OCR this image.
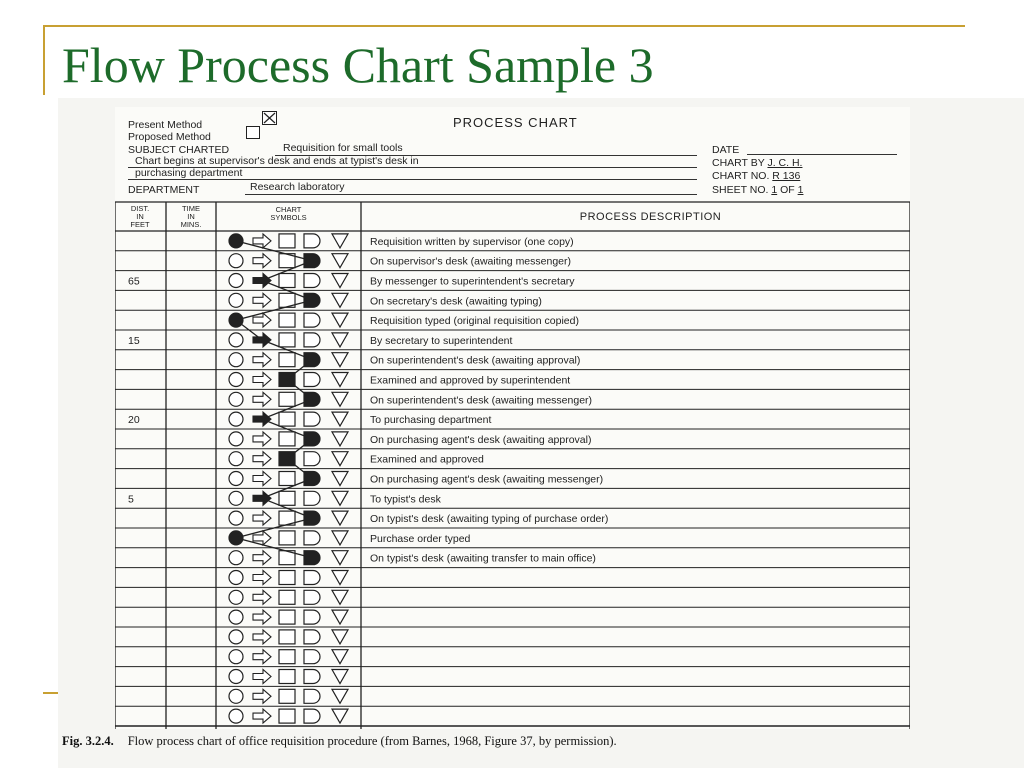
Flow Process Chart Sample 3
Present Method
Proposed Method
PROCESS CHART
SUBJECT CHARTED	Requisition for small tools
Chart begins at supervisor's desk and ends at typist's desk in
purchasing department
DEPARTMENT	Research laboratory
DATE
CHART BY J. C. H.
CHART NO. R 136
SHEET NO. 1 OF 1
DIST.
IN
FEET
TIME
IN
MINS.
CHART
SYMBOLS	PROCESS DESCRIPTION
Requisition written by supervisor (one copy)
On supervisor's desk (awaiting messenger)
65	By messenger to superintendent's secretary
On secretary's desk (awaiting typing)
Requisition typed (original requisition copied)
15	By secretary to superintendent
On superintendent's desk (awaiting approval)
Examined and approved by superintendent
On superintendent's desk (awaiting messenger)
20	To purchasing department
On purchasing agent's desk (awaiting approval)
Examined and approved
On purchasing agent's desk (awaiting messenger)
5	To typist's desk
On typist's desk (awaiting typing of purchase order)
Purchase order typed
On typist's desk (awaiting transfer to main office)
Fig. 3.2.4. Flow process chart of office requisition procedure (from Barnes, 1968, Figure 37, by permission).
